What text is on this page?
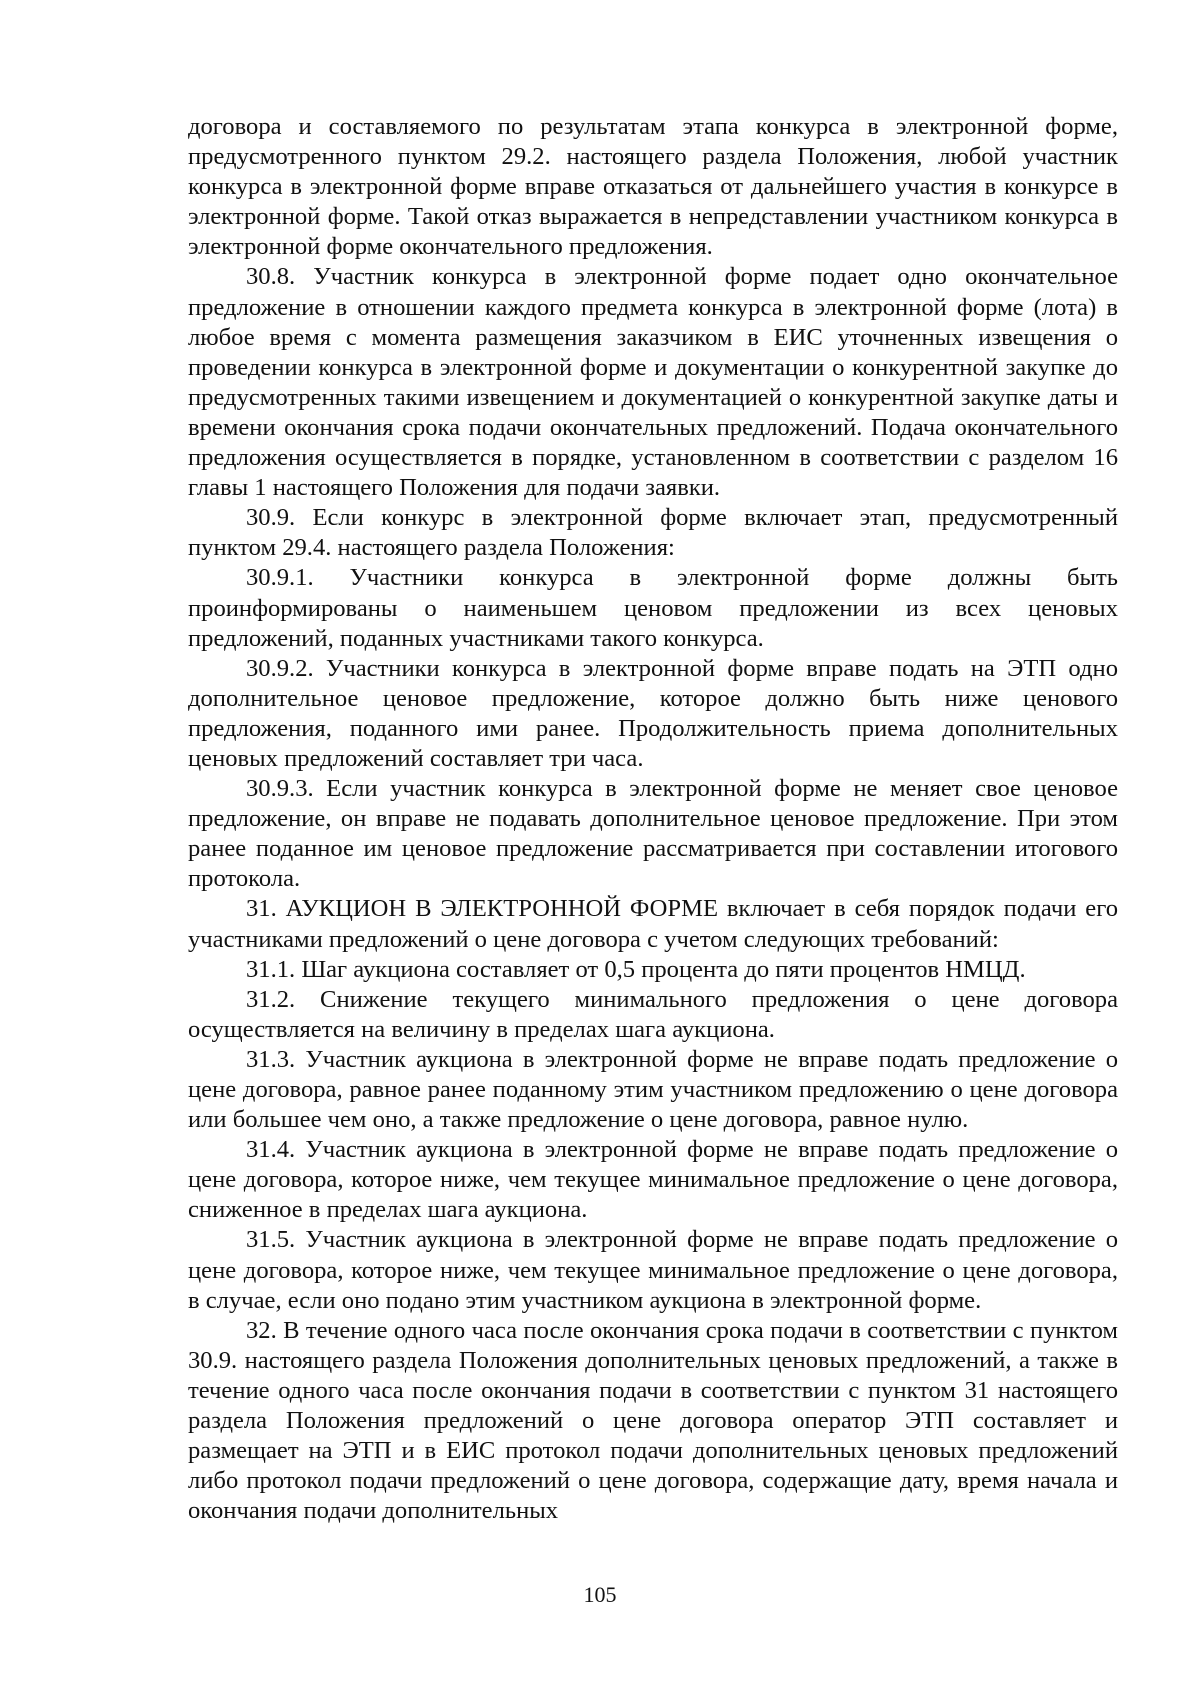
договора и составляемого по результатам этапа конкурса в электронной форме, предусмотренного пунктом 29.2. настоящего раздела Положения, любой участник конкурса в электронной форме вправе отказаться от дальнейшего участия в конкурсе в электронной форме. Такой отказ выражается в непредставлении участником конкурса в электронной форме окончательного предложения.

30.8. Участник конкурса в электронной форме подает одно окончательное предложение в отношении каждого предмета конкурса в электронной форме (лота) в любое время с момента размещения заказчиком в ЕИС уточненных извещения о проведении конкурса в электронной форме и документации о конкурентной закупке до предусмотренных такими извещением и документацией о конкурентной закупке даты и времени окончания срока подачи окончательных предложений. Подача окончательного предложения осуществляется в порядке, установленном в соответствии с разделом 16 главы 1 настоящего Положения для подачи заявки.

30.9. Если конкурс в электронной форме включает этап, предусмотренный пунктом 29.4. настоящего раздела Положения:

30.9.1. Участники конкурса в электронной форме должны быть проинформированы о наименьшем ценовом предложении из всех ценовых предложений, поданных участниками такого конкурса.

30.9.2. Участники конкурса в электронной форме вправе подать на ЭТП одно дополнительное ценовое предложение, которое должно быть ниже ценового предложения, поданного ими ранее. Продолжительность приема дополнительных ценовых предложений составляет три часа.

30.9.3. Если участник конкурса в электронной форме не меняет свое ценовое предложение, он вправе не подавать дополнительное ценовое предложение. При этом ранее поданное им ценовое предложение рассматривается при составлении итогового протокола.

31. АУКЦИОН В ЭЛЕКТРОННОЙ ФОРМЕ включает в себя порядок подачи его участниками предложений о цене договора с учетом следующих требований:

31.1. Шаг аукциона составляет от 0,5 процента до пяти процентов НМЦД.

31.2. Снижение текущего минимального предложения о цене договора осуществляется на величину в пределах шага аукциона.

31.3. Участник аукциона в электронной форме не вправе подать предложение о цене договора, равное ранее поданному этим участником предложению о цене договора или большее чем оно, а также предложение о цене договора, равное нулю.

31.4. Участник аукциона в электронной форме не вправе подать предложение о цене договора, которое ниже, чем текущее минимальное предложение о цене договора, сниженное в пределах шага аукциона.

31.5. Участник аукциона в электронной форме не вправе подать предложение о цене договора, которое ниже, чем текущее минимальное предложение о цене договора, в случае, если оно подано этим участником аукциона в электронной форме.

32. В течение одного часа после окончания срока подачи в соответствии с пунктом 30.9. настоящего раздела Положения дополнительных ценовых предложений, а также в течение одного часа после окончания подачи в соответствии с пунктом 31 настоящего раздела Положения предложений о цене договора оператор ЭТП составляет и размещает на ЭТП и в ЕИС протокол подачи дополнительных ценовых предложений либо протокол подачи предложений о цене договора, содержащие дату, время начала и окончания подачи дополнительных

105
